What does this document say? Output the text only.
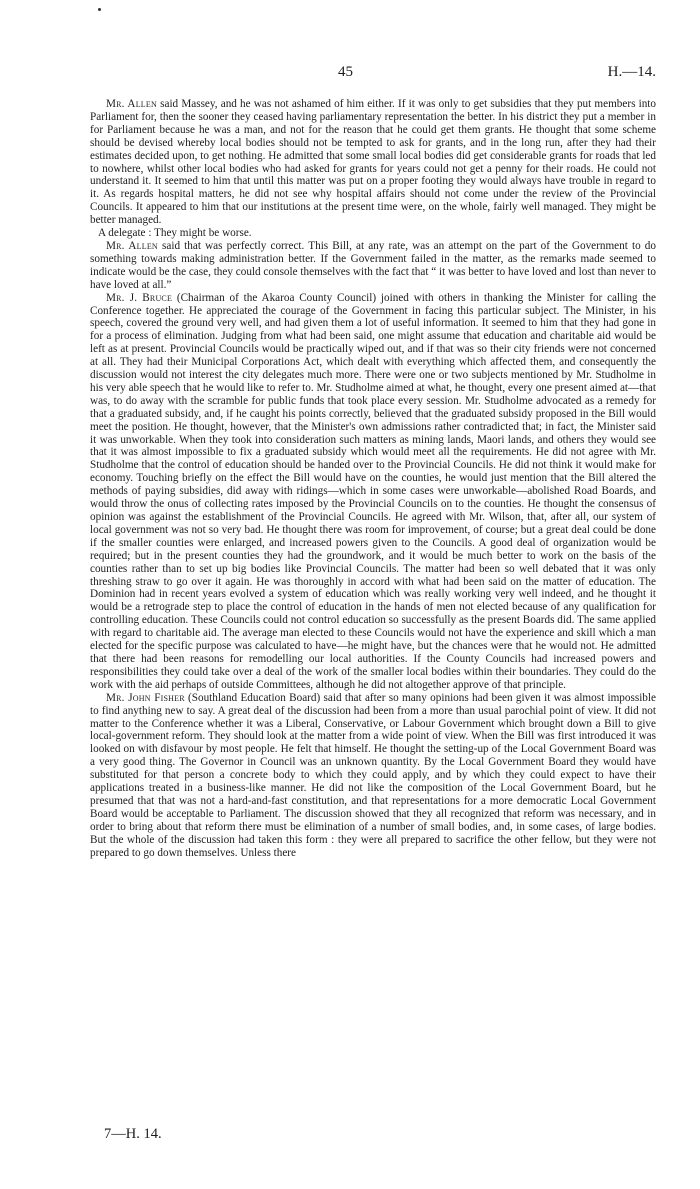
45	H.—14.

Mr. Allen said Massey, and he was not ashamed of him either. If it was only to get subsidies that they put members into Parliament for, then the sooner they ceased having parliamentary representation the better. In his district they put a member in for Parliament because he was a man, and not for the reason that he could get them grants. He thought that some scheme should be devised whereby local bodies should not be tempted to ask for grants, and in the long run, after they had their estimates decided upon, to get nothing. He admitted that some small local bodies did get considerable grants for roads that led to nowhere, whilst other local bodies who had asked for grants for years could not get a penny for their roads. He could not understand it. It seemed to him that until this matter was put on a proper footing they would always have trouble in regard to it. As regards hospital matters, he did not see why hospital affairs should not come under the review of the Provincial Councils. It appeared to him that our institutions at the present time were, on the whole, fairly well managed. They might be better managed.

A delegate : They might be worse.

Mr. Allen said that was perfectly correct. This Bill, at any rate, was an attempt on the part of the Government to do something towards making administration better. If the Government failed in the matter, as the remarks made seemed to indicate would be the case, they could console themselves with the fact that “ it was better to have loved and lost than never to have loved at all.”

Mr. J. Bruce (Chairman of the Akaroa County Council) joined with others in thanking the Minister for calling the Conference together. He appreciated the courage of the Government in facing this particular subject. The Minister, in his speech, covered the ground very well, and had given them a lot of useful information. It seemed to him that they had gone in for a process of elimination. Judging from what had been said, one might assume that education and charitable aid would be left as at present. Provincial Councils would be practically wiped out, and if that was so their city friends were not concerned at all. They had their Municipal Corporations Act, which dealt with everything which affected them, and consequently the discussion would not interest the city delegates much more. There were one or two subjects mentioned by Mr. Studholme in his very able speech that he would like to refer to. Mr. Studholme aimed at what, he thought, every one present aimed at—that was, to do away with the scramble for public funds that took place every session. Mr. Studholme advocated as a remedy for that a graduated subsidy, and, if he caught his points correctly, believed that the graduated subsidy proposed in the Bill would meet the position. He thought, however, that the Minister's own admissions rather contradicted that; in fact, the Minister said it was unworkable. When they took into consideration such matters as mining lands, Maori lands, and others they would see that it was almost impossible to fix a graduated subsidy which would meet all the requirements. He did not agree with Mr. Studholme that the control of education should be handed over to the Provincial Councils. He did not think it would make for economy. Touching briefly on the effect the Bill would have on the counties, he would just mention that the Bill altered the methods of paying subsidies, did away with ridings—which in some cases were unworkable—abolished Road Boards, and would throw the onus of collecting rates imposed by the Provincial Councils on to the counties. He thought the consensus of opinion was against the establishment of the Provincial Councils. He agreed with Mr. Wilson, that, after all, our system of local government was not so very bad. He thought there was room for improvement, of course; but a great deal could be done if the smaller counties were enlarged, and increased powers given to the Councils. A good deal of organization would be required; but in the present counties they had the groundwork, and it would be much better to work on the basis of the counties rather than to set up big bodies like Provincial Councils. The matter had been so well debated that it was only threshing straw to go over it again. He was thoroughly in accord with what had been said on the matter of education. The Dominion had in recent years evolved a system of education which was really working very well indeed, and he thought it would be a retrograde step to place the control of education in the hands of men not elected because of any qualification for controlling education. These Councils could not control education so successfully as the present Boards did. The same applied with regard to charitable aid. The average man elected to these Councils would not have the experience and skill which a man elected for the specific purpose was calculated to have—he might have, but the chances were that he would not. He admitted that there had been reasons for remodelling our local authorities. If the County Councils had increased powers and responsibilities they could take over a deal of the work of the smaller local bodies within their boundaries. They could do the work with the aid perhaps of outside Committees, although he did not altogether approve of that principle.

Mr. John Fisher (Southland Education Board) said that after so many opinions had been given it was almost impossible to find anything new to say. A great deal of the discussion had been from a more than usual parochial point of view. It did not matter to the Conference whether it was a Liberal, Conservative, or Labour Government which brought down a Bill to give local-government reform. They should look at the matter from a wide point of view. When the Bill was first introduced it was looked on with disfavour by most people. He felt that himself. He thought the setting-up of the Local Government Board was a very good thing. The Governor in Council was an unknown quantity. By the Local Government Board they would have substituted for that person a concrete body to which they could apply, and by which they could expect to have their applications treated in a business-like manner. He did not like the composition of the Local Government Board, but he presumed that that was not a hard-and-fast constitution, and that representations for a more democratic Local Government Board would be acceptable to Parliament. The discussion showed that they all recognized that reform was necessary, and in order to bring about that reform there must be elimination of a number of small bodies, and, in some cases, of large bodies. But the whole of the discussion had taken this form : they were all prepared to sacrifice the other fellow, but they were not prepared to go down themselves. Unless there

7—H. 14.
